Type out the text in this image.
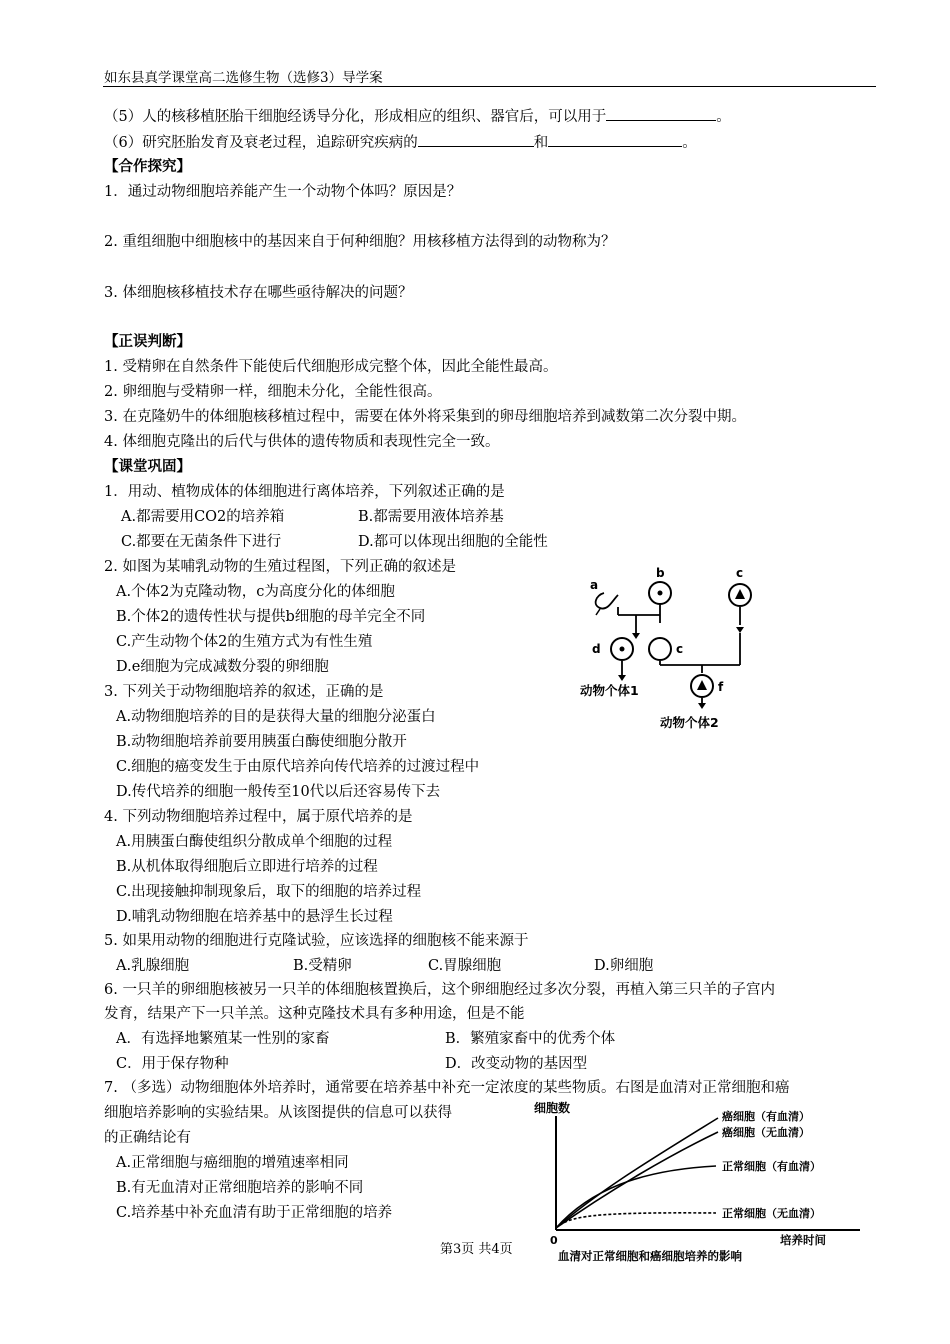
如东县真学课堂高二选修生物（选修3）导学案
（5）人的核移植胚胎干细胞经诱导分化，形成相应的组织、器官后，可以用于	。
（6）研究胚胎发育及衰老过程，追踪研究疾病的	和	。
【合作探究】
1．通过动物细胞培养能产生一个动物个体吗？原因是？
2. 重组细胞中细胞核中的基因来自于何种细胞？用核移植方法得到的动物称为？
3. 体细胞核移植技术存在哪些亟待解决的问题？
【正误判断】
1. 受精卵在自然条件下能使后代细胞形成完整个体，因此全能性最高。
2. 卵细胞与受精卵一样，细胞未分化，全能性很高。
3. 在克隆奶牛的体细胞核移植过程中，需要在体外将采集到的卵母细胞培养到减数第二次分裂中期。
4. 体细胞克隆出的后代与供体的遗传物质和表现性完全一致。
【课堂巩固】
1．用动、植物成体的体细胞进行离体培养，下列叙述正确的是
A.都需要用CO2的培养箱	B.都需要用液体培养基
C.都要在无菌条件下进行	D.都可以体现出细胞的全能性
2. 如图为某哺乳动物的生殖过程图，下列正确的叙述是
A.个体2为克隆动物，c为高度分化的体细胞
B.个体2的遗传性状与提供b细胞的母羊完全不同
C.产生动物个体2的生殖方式为有性生殖
D.e细胞为完成减数分裂的卵细胞
3. 下列关于动物细胞培养的叙述，正确的是
A.动物细胞培养的目的是获得大量的细胞分泌蛋白
B.动物细胞培养前要用胰蛋白酶使细胞分散开
C.细胞的癌变发生于由原代培养向传代培养的过渡过程中
D.传代培养的细胞一般传至10代以后还容易传下去
4. 下列动物细胞培养过程中，属于原代培养的是
A.用胰蛋白酶使组织分散成单个细胞的过程
B.从机体取得细胞后立即进行培养的过程
C.出现接触抑制现象后，取下的细胞的培养过程
D.哺乳动物细胞在培养基中的悬浮生长过程
5. 如果用动物的细胞进行克隆试验，应该选择的细胞核不能来源于
A.乳腺细胞	B.受精卵	C.胃腺细胞	D.卵细胞
6. 一只羊的卵细胞核被另一只羊的体细胞核置换后，这个卵细胞经过多次分裂，再植入第三只羊的子宫内
发育，结果产下一只羊羔。这种克隆技术具有多种用途，但是不能
A．有选择地繁殖某一性别的家畜	B．繁殖家畜中的优秀个体
C．用于保存物种	D．改变动物的基因型
7. （多选）动物细胞体外培养时，通常要在培养基中补充一定浓度的某些物质。右图是血清对正常细胞和癌
细胞培养影响的实验结果。从该图提供的信息可以获得
的正确结论有
A.正常细胞与癌细胞的增殖速率相同
B.有无血清对正常细胞培养的影响不同
C.培养基中补充血清有助于正常细胞的培养
a
b	c
d	c
动物个体1	f
动物个体2
细胞数
0	培养时间
癌细胞（有血清）
癌细胞（无血清）
正常细胞（有血清）
正常细胞（无血清）
血清对正常细胞和癌细胞培养的影响
第3页 共4页
